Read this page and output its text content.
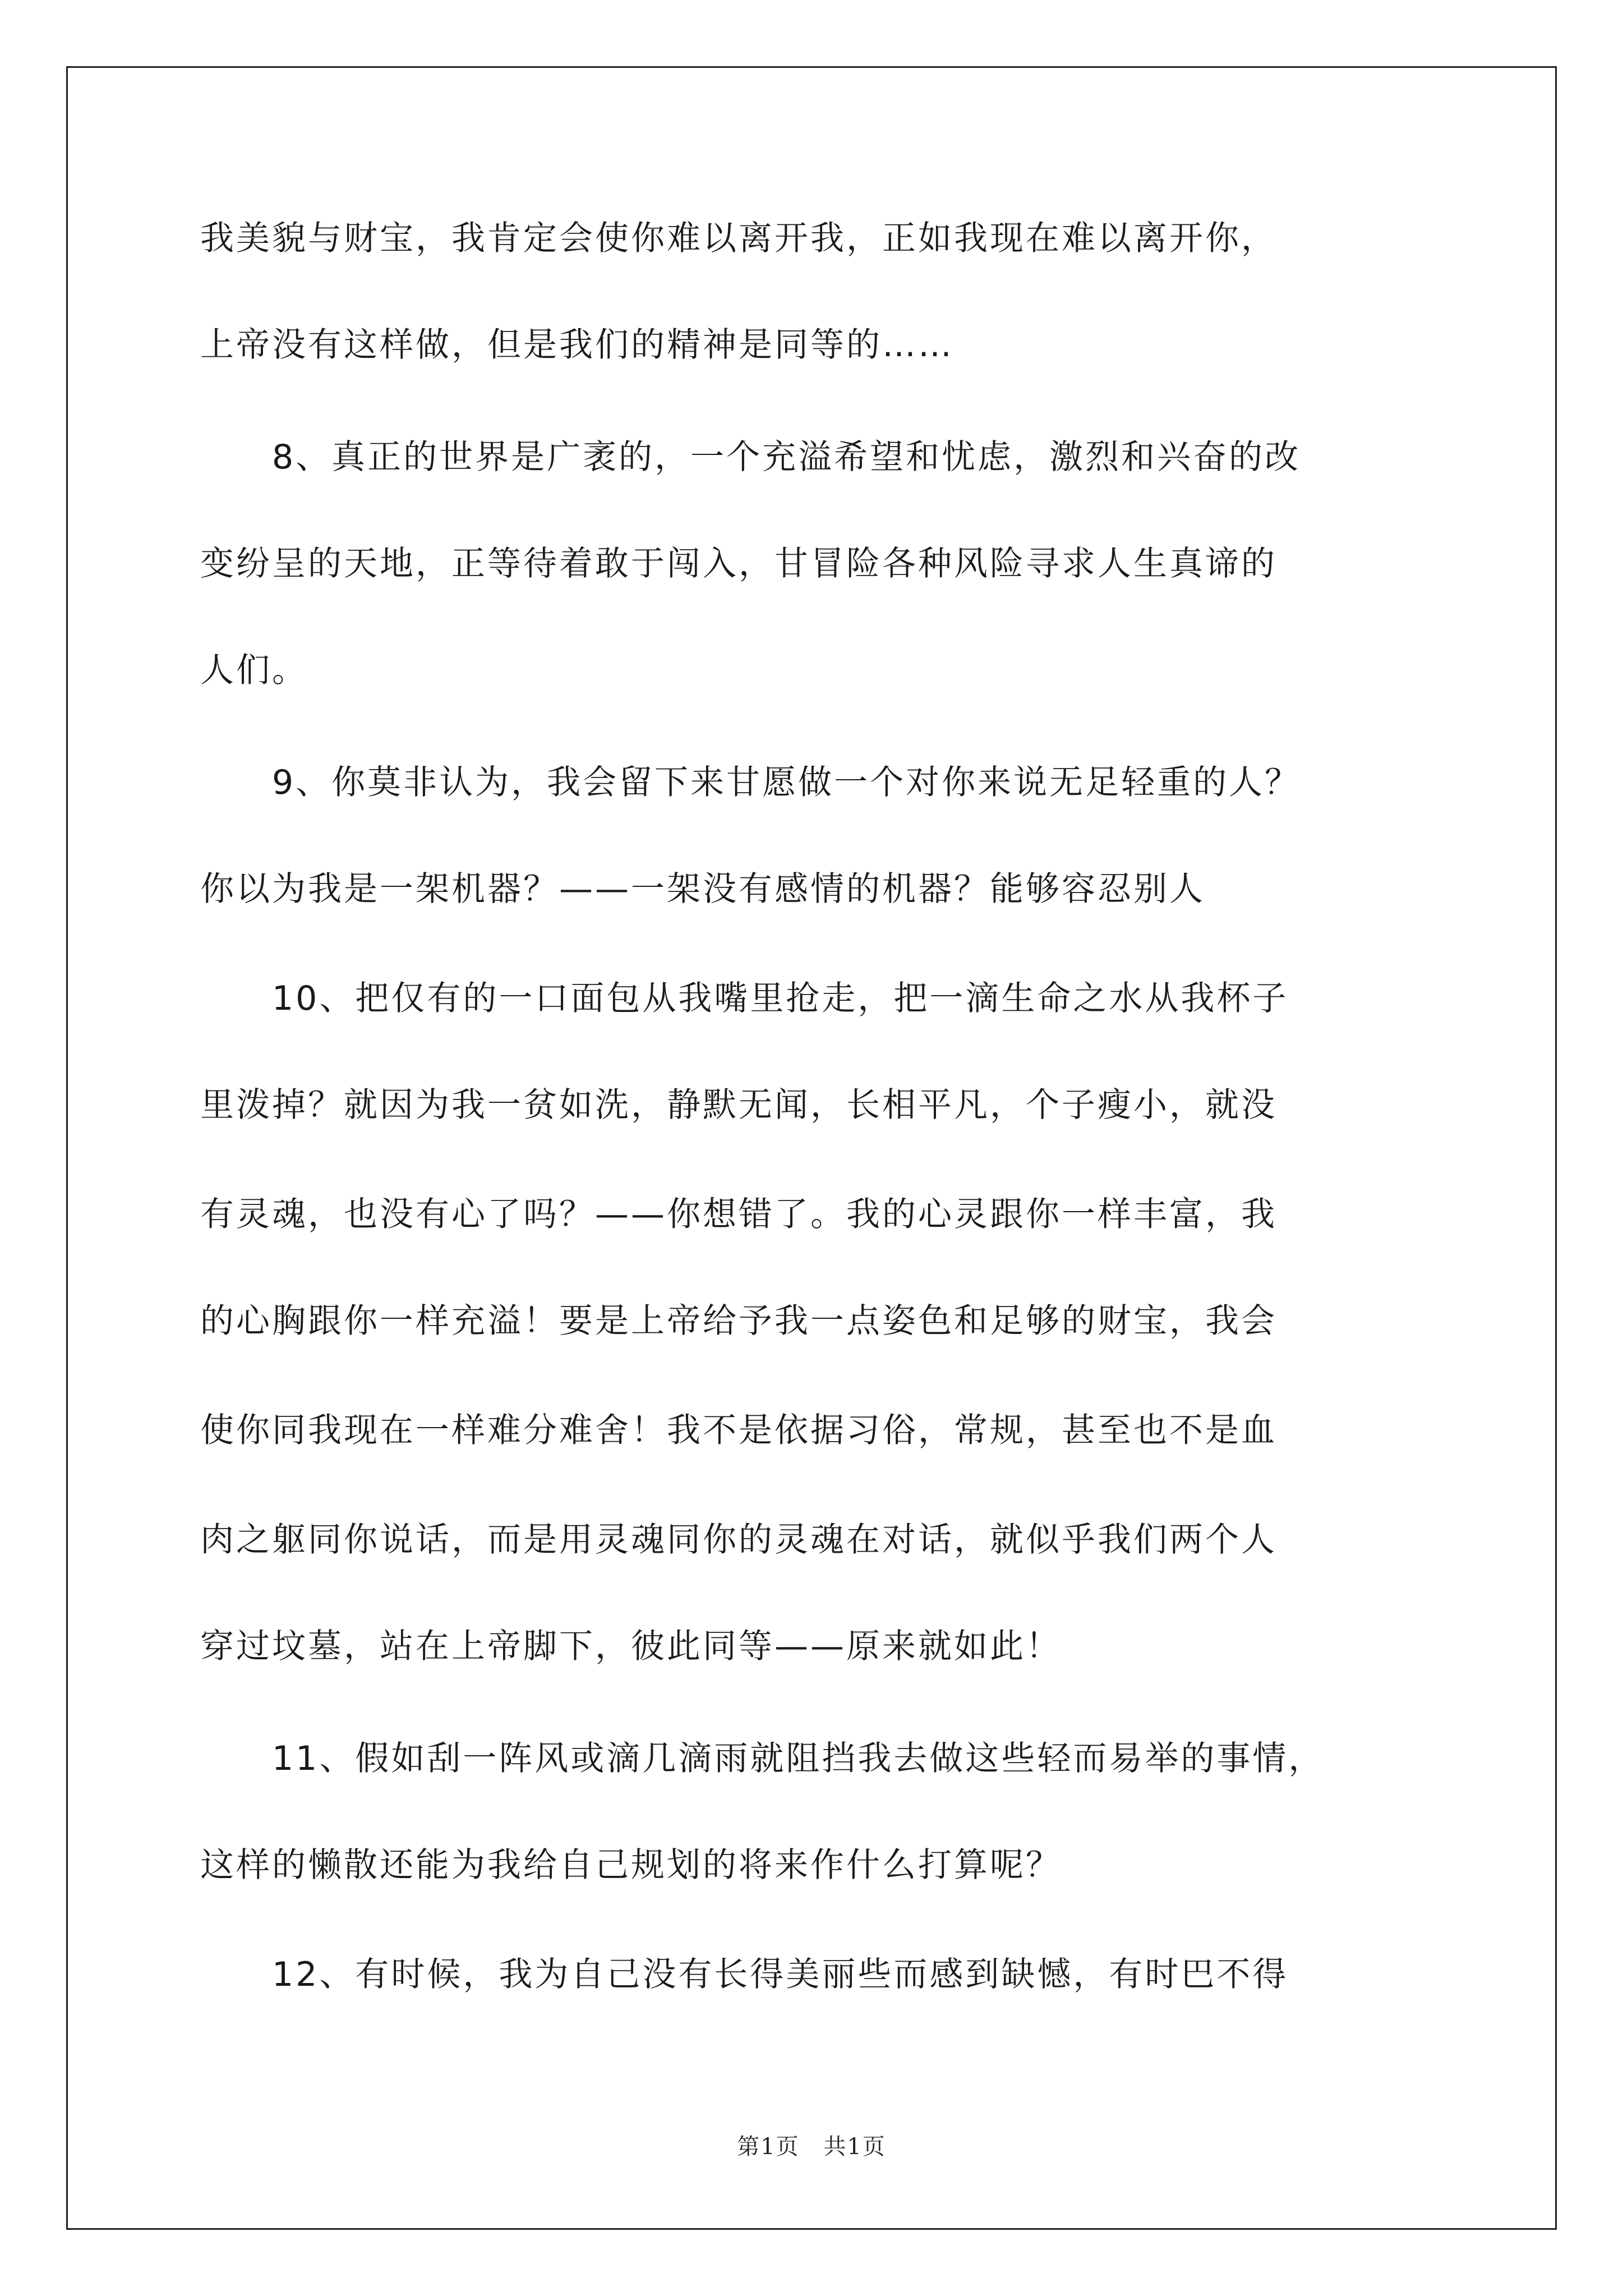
我美貌与财宝，我肯定会使你难以离开我，正如我现在难以离开你，
上帝没有这样做，但是我们的精神是同等的……
　　8、真正的世界是广袤的，一个充溢希望和忧虑，激烈和兴奋的改
变纷呈的天地，正等待着敢于闯入，甘冒险各种风险寻求人生真谛的
人们。
　　9、你莫非认为，我会留下来甘愿做一个对你来说无足轻重的人？
你以为我是一架机器？——一架没有感情的机器？能够容忍别人
　　10、把仅有的一口面包从我嘴里抢走，把一滴生命之水从我杯子
里泼掉？就因为我一贫如洗，静默无闻，长相平凡，个子瘦小，就没
有灵魂，也没有心了吗？——你想错了。我的心灵跟你一样丰富，我
的心胸跟你一样充溢！要是上帝给予我一点姿色和足够的财宝，我会
使你同我现在一样难分难舍！我不是依据习俗，常规，甚至也不是血
肉之躯同你说话，而是用灵魂同你的灵魂在对话，就似乎我们两个人
穿过坟墓，站在上帝脚下，彼此同等——原来就如此！
　　11、假如刮一阵风或滴几滴雨就阻挡我去做这些轻而易举的事情，
这样的懒散还能为我给自己规划的将来作什么打算呢？
　　12、有时候，我为自己没有长得美丽些而感到缺憾，有时巴不得
第1页 共1页
